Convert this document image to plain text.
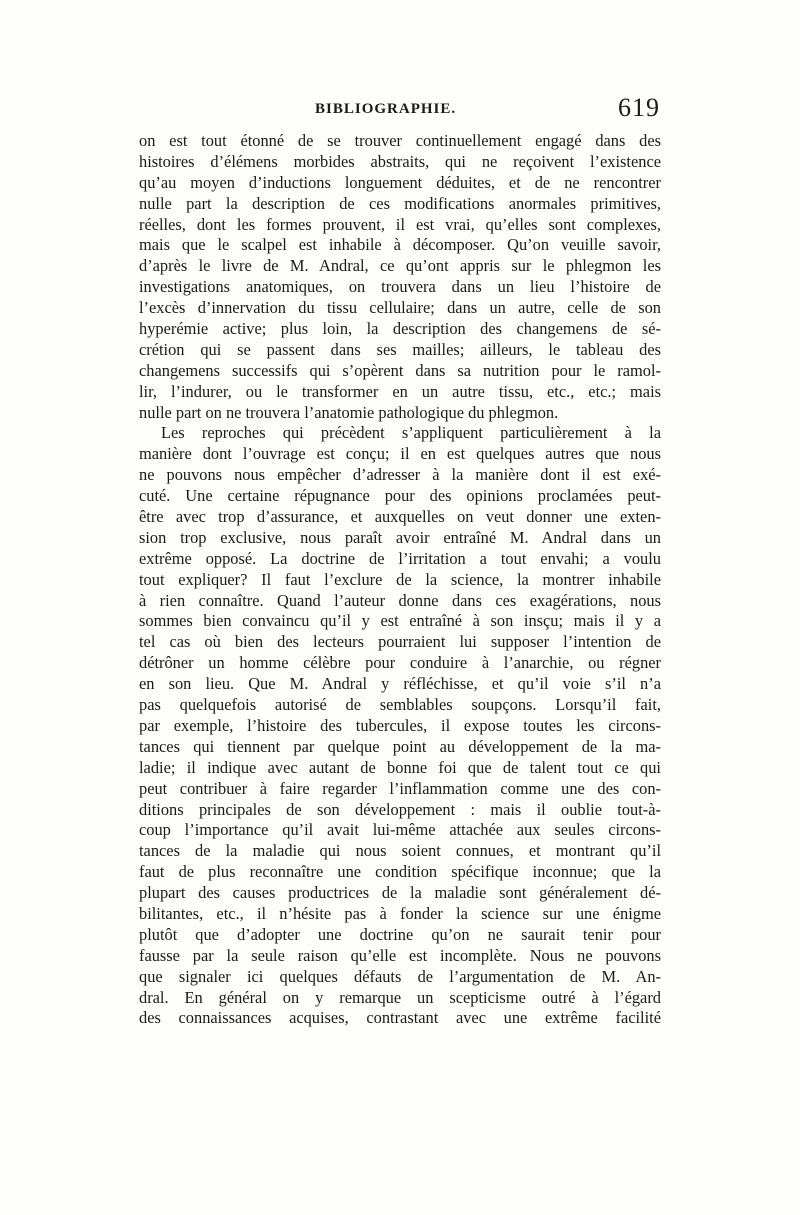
BIBLIOGRAPHIE.	619
on est tout étonné de se trouver continuellement engagé dans des
histoires d’élémens morbides abstraits, qui ne reçoivent l’existence
qu’au moyen d’inductions longuement déduites, et de ne rencontrer
nulle part la description de ces modifications anormales primitives,
réelles, dont les formes prouvent, il est vrai, qu’elles sont complexes,
mais que le scalpel est inhabile à décomposer. Qu’on veuille savoir,
d’après le livre de M. Andral, ce qu’ont appris sur le phlegmon les
investigations anatomiques, on trouvera dans un lieu l’histoire de
l’excès d’innervation du tissu cellulaire; dans un autre, celle de son
hyperémie active; plus loin, la description des changemens de sé-
crétion qui se passent dans ses mailles; ailleurs, le tableau des
changemens successifs qui s’opèrent dans sa nutrition pour le ramol-
lir, l’indurer, ou le transformer en un autre tissu, etc., etc.; mais
nulle part on ne trouvera l’anatomie pathologique du phlegmon.
Les reproches qui précèdent s’appliquent particulièrement à la
manière dont l’ouvrage est conçu; il en est quelques autres que nous
ne pouvons nous empêcher d’adresser à la manière dont il est exé-
cuté. Une certaine répugnance pour des opinions proclamées peut-
être avec trop d’assurance, et auxquelles on veut donner une exten-
sion trop exclusive, nous paraît avoir entraîné M. Andral dans un
extrême opposé. La doctrine de l’irritation a tout envahi; a voulu
tout expliquer? Il faut l’exclure de la science, la montrer inhabile
à rien connaître. Quand l’auteur donne dans ces exagérations, nous
sommes bien convaincu qu’il y est entraîné à son insçu; mais il y a
tel cas où bien des lecteurs pourraient lui supposer l’intention de
détrôner un homme célèbre pour conduire à l’anarchie, ou régner
en son lieu. Que M. Andral y réfléchisse, et qu’il voie s’il n’a
pas quelquefois autorisé de semblables soupçons. Lorsqu’il fait,
par exemple, l’histoire des tubercules, il expose toutes les circons-
tances qui tiennent par quelque point au développement de la ma-
ladie; il indique avec autant de bonne foi que de talent tout ce qui
peut contribuer à faire regarder l’inflammation comme une des con-
ditions principales de son développement : mais il oublie tout-à-
coup l’importance qu’il avait lui-même attachée aux seules circons-
tances de la maladie qui nous soient connues, et montrant qu’il
faut de plus reconnaître une condition spécifique inconnue; que la
plupart des causes productrices de la maladie sont généralement dé-
bilitantes, etc., il n’hésite pas à fonder la science sur une énigme
plutôt que d’adopter une doctrine qu’on ne saurait tenir pour
fausse par la seule raison qu’elle est incomplète. Nous ne pouvons
que signaler ici quelques défauts de l’argumentation de M. An-
dral. En général on y remarque un scepticisme outré à l’égard
des connaissances acquises, contrastant avec une extrême facilité
